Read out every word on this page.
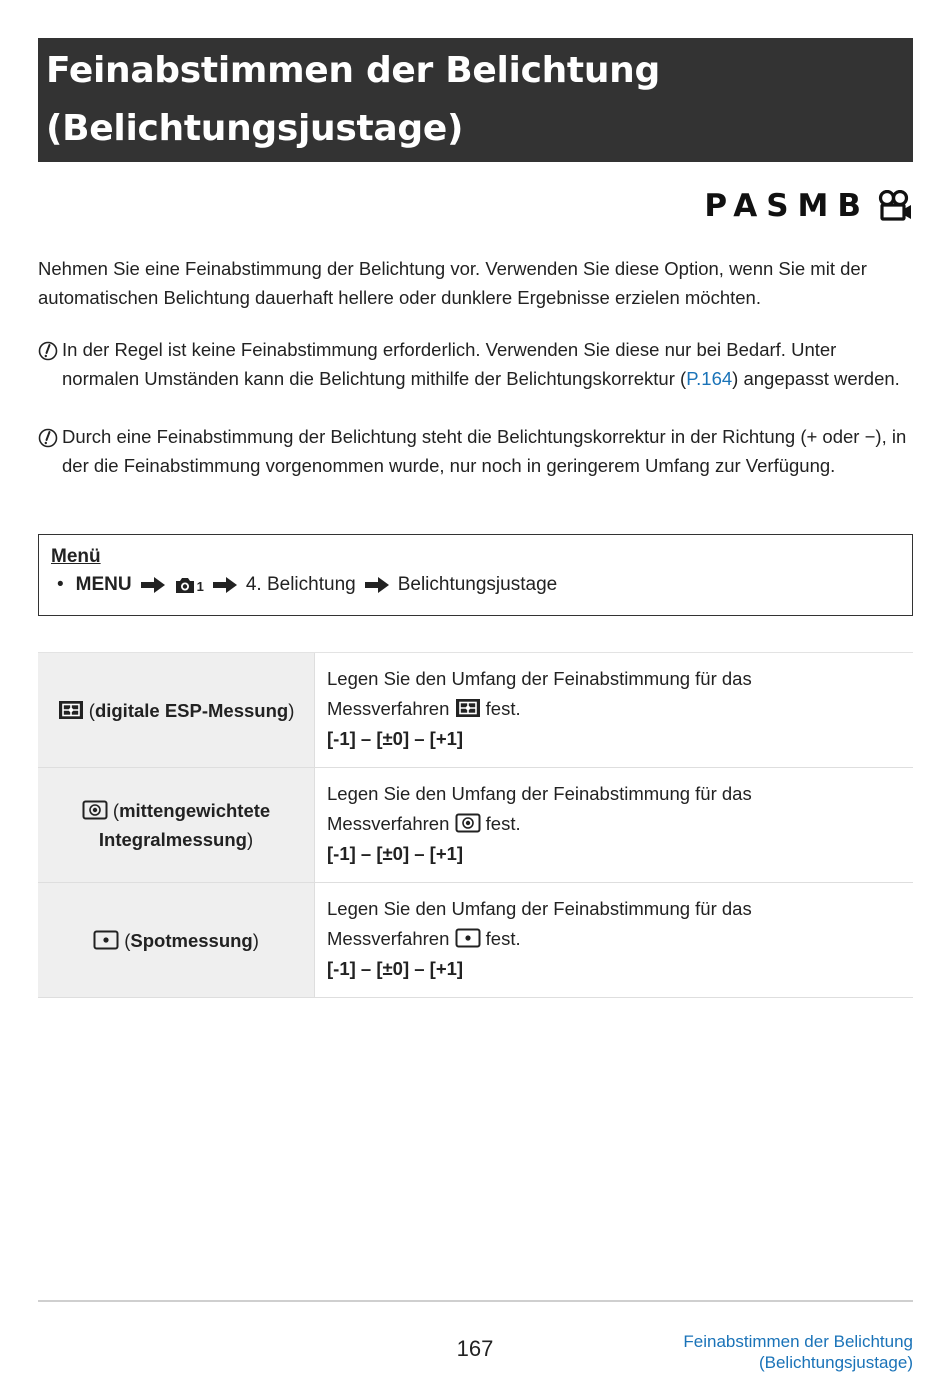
Feinabstimmen der Belichtung
(Belichtungsjustage)
PASMB
Nehmen Sie eine Feinabstimmung der Belichtung vor. Verwenden Sie diese Option, wenn Sie mit der automatischen Belichtung dauerhaft hellere oder dunklere Ergebnisse erzielen möchten.
In der Regel ist keine Feinabstimmung erforderlich. Verwenden Sie diese nur bei Bedarf. Unter normalen Umständen kann die Belichtung mithilfe der Belichtungskorrektur (P.164) angepasst werden.
Durch eine Feinabstimmung der Belichtung steht die Belichtungskorrektur in der Richtung (+ oder −), in der die Feinabstimmung vorgenommen wurde, nur noch in geringerem Umfang zur Verfügung.
Menü
• MENU	1 4. Belichtung Belichtungsjustage
(digitale ESP-Messung)
Legen Sie den Umfang der Feinabstimmung für das
Messverfahren fest.
[-1] – [±0] – [+1]
(mittengewichtete Integralmessung)
Legen Sie den Umfang der Feinabstimmung für das
Messverfahren fest.
[-1] – [±0] – [+1]
(Spotmessung)
Legen Sie den Umfang der Feinabstimmung für das
Messverfahren fest.
[-1] – [±0] – [+1]
167	Feinabstimmen der Belichtung
(Belichtungsjustage)
